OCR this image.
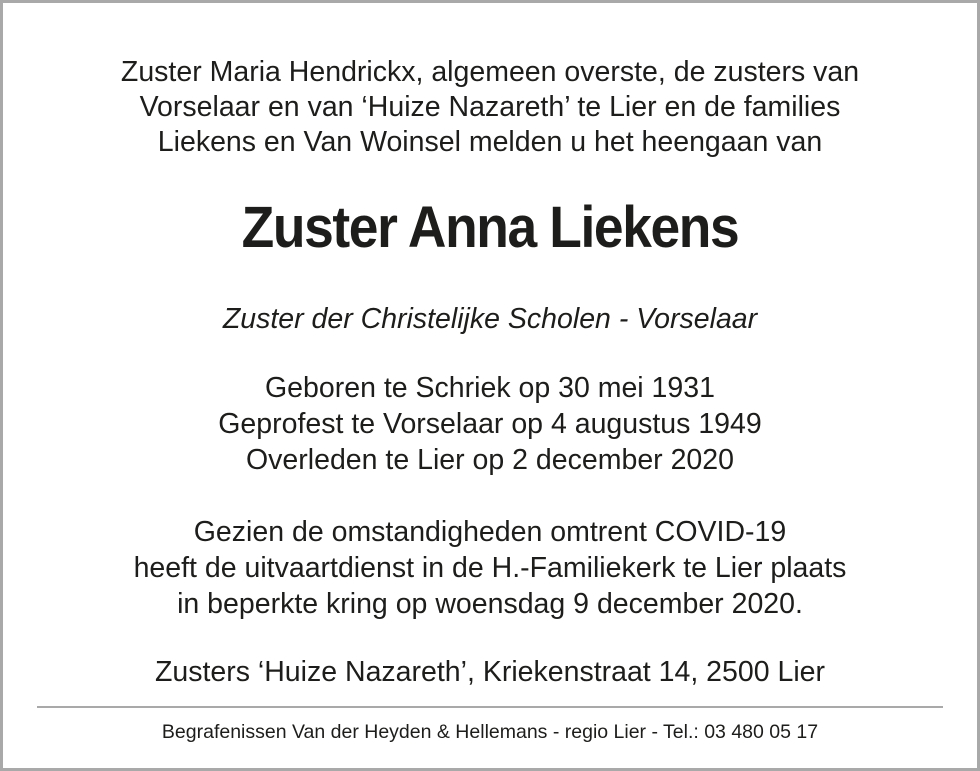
Zuster Maria Hendrickx, algemeen overste, de zusters van
Vorselaar en van ‘Huize Nazareth’ te Lier en de families
Liekens en Van Woinsel melden u het heengaan van
Zuster Anna Liekens
Zuster der Christelijke Scholen - Vorselaar
Geboren te Schriek op 30 mei 1931
Geprofest te Vorselaar op 4 augustus 1949
Overleden te Lier op 2 december 2020
Gezien de omstandigheden omtrent COVID-19
heeft de uitvaartdienst in de H.-Familiekerk te Lier plaats
in beperkte kring op woensdag 9 december 2020.
Zusters ‘Huize Nazareth’, Kriekenstraat 14, 2500 Lier
Begrafenissen Van der Heyden & Hellemans - regio Lier - Tel.: 03 480 05 17
